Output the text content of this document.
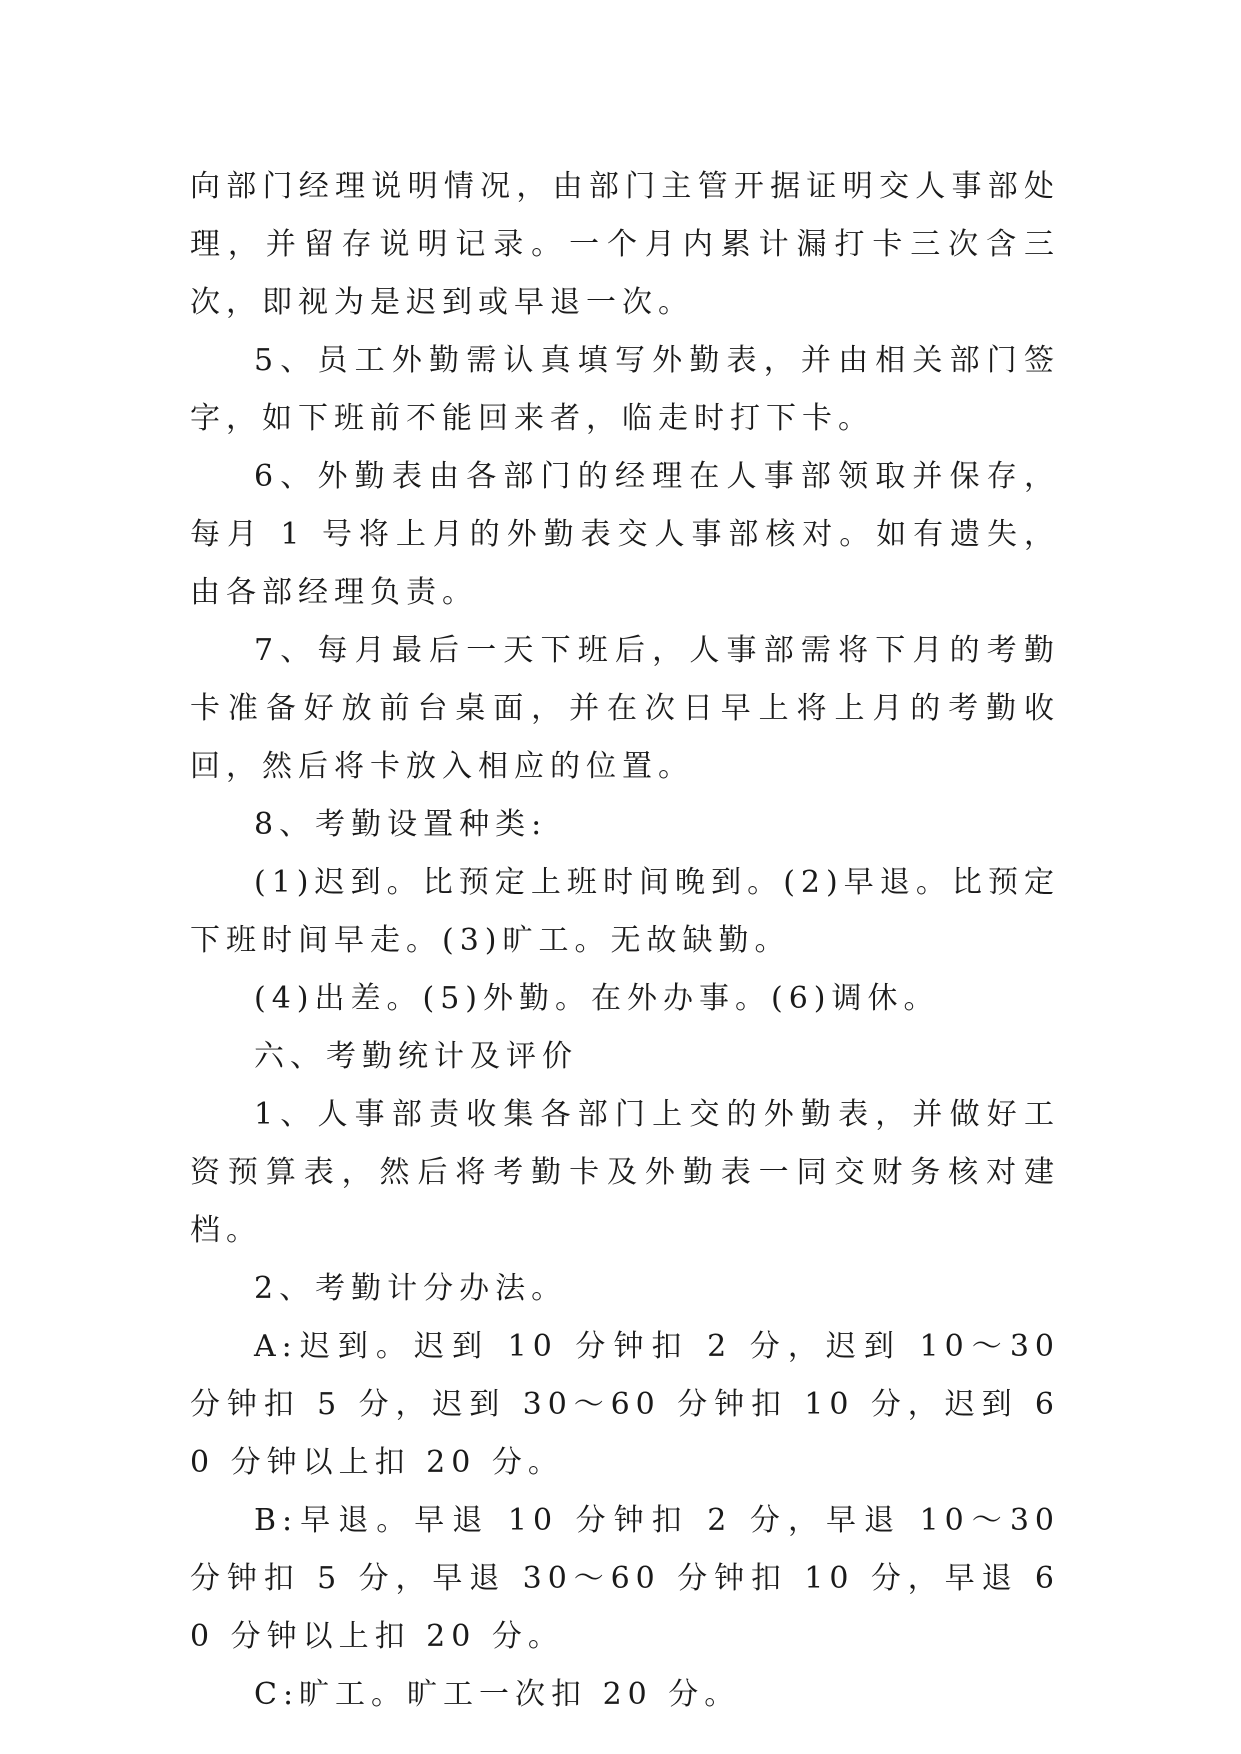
向部门经理说明情况，由部门主管开据证明交人事部处理，并留存说明记录。一个月内累计漏打卡三次含三次，即视为是迟到或早退一次。

5、员工外勤需认真填写外勤表，并由相关部门签字，如下班前不能回来者，临走时打下卡。

6、外勤表由各部门的经理在人事部领取并保存，每月 1 号将上月的外勤表交人事部核对。如有遗失，由各部经理负责。

7、每月最后一天下班后，人事部需将下月的考勤卡准备好放前台桌面，并在次日早上将上月的考勤收回，然后将卡放入相应的位置。

8、考勤设置种类:

(1)迟到。比预定上班时间晚到。(2)早退。比预定下班时间早走。(3)旷工。无故缺勤。

(4)出差。(5)外勤。在外办事。(6)调休。

六、考勤统计及评价

1、人事部责收集各部门上交的外勤表，并做好工资预算表，然后将考勤卡及外勤表一同交财务核对建档。

2、考勤计分办法。

A:迟到。迟到 10 分钟扣 2 分，迟到 10～30 分钟扣 5 分，迟到 30～60 分钟扣 10 分，迟到 60 分钟以上扣 20 分。

B:早退。早退 10 分钟扣 2 分，早退 10～30 分钟扣 5 分，早退 30～60 分钟扣 10 分，早退 60 分钟以上扣 20 分。

C:旷工。旷工一次扣 20 分。
